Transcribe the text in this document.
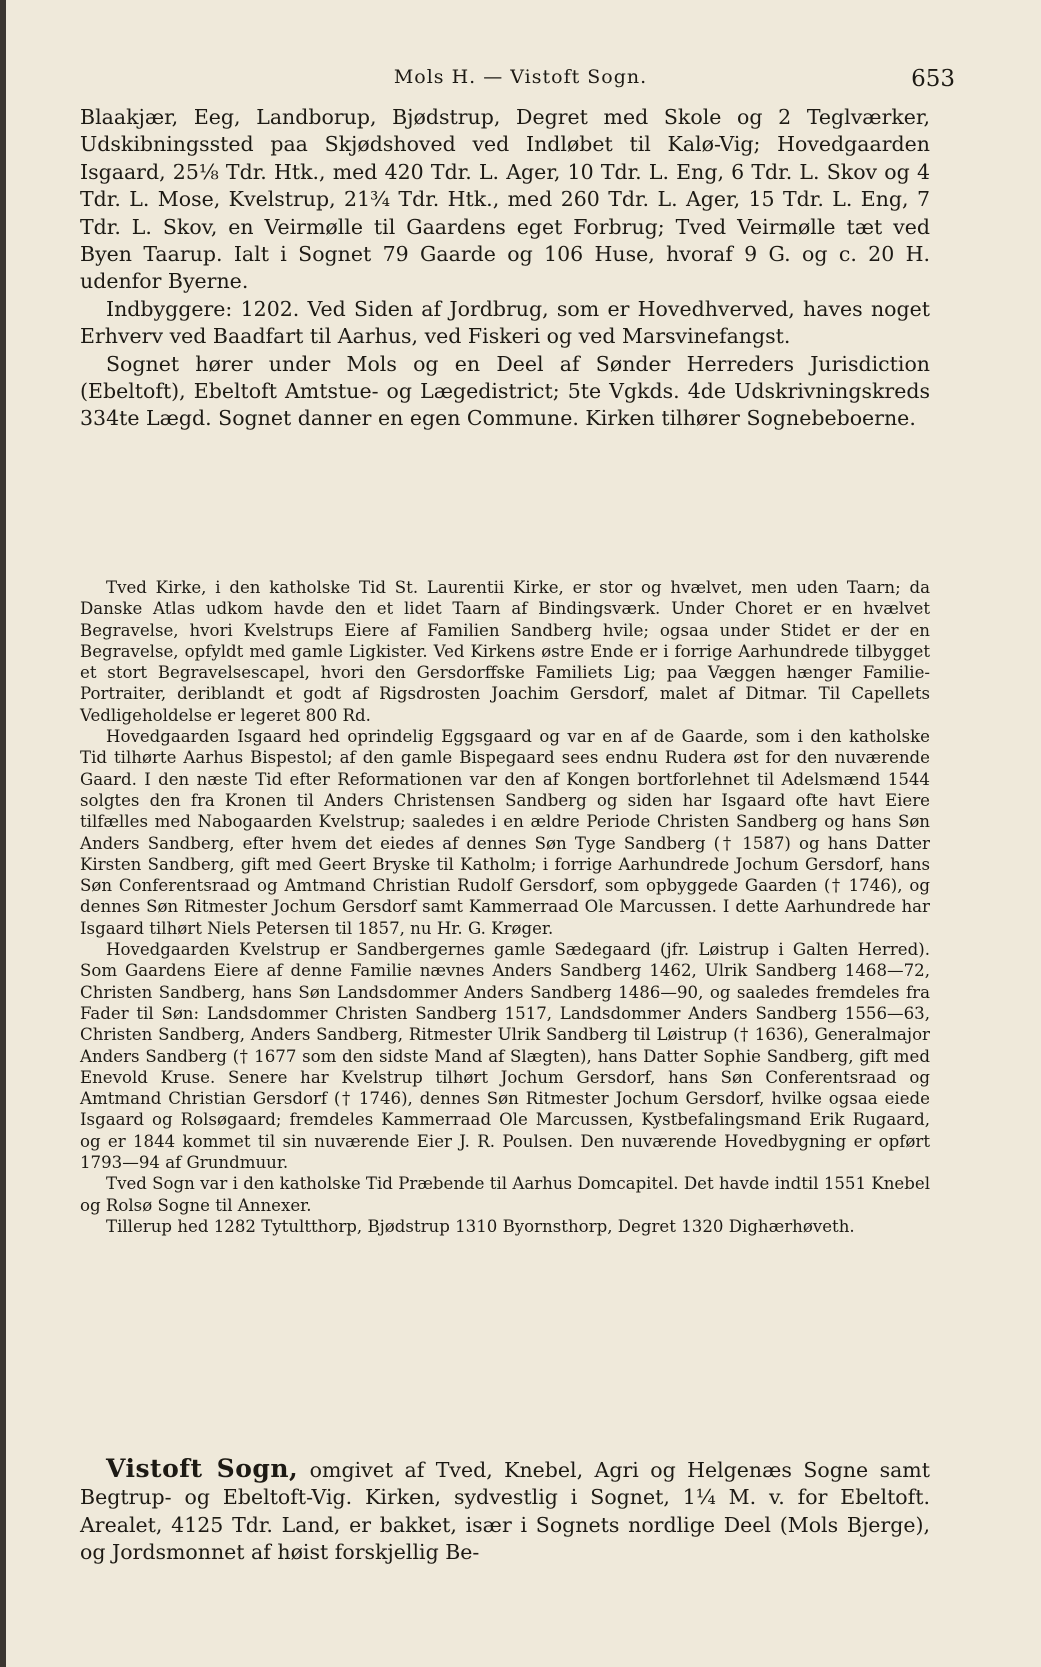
Mols H. — Vistoft Sogn.	653

Blaakjær, Eeg, Landborup, Bjødstrup, Degret med Skole og 2 Teglværker, Udskibningssted paa Skjødshoved ved Indløbet til Kalø-Vig; Hovedgaarden Isgaard, 25⅛ Tdr. Htk., med 420 Tdr. L. Ager, 10 Tdr. L. Eng, 6 Tdr. L. Skov og 4 Tdr. L. Mose, Kvelstrup, 21¾ Tdr. Htk., med 260 Tdr. L. Ager, 15 Tdr. L. Eng, 7 Tdr. L. Skov, en Veirmølle til Gaardens eget Forbrug; Tved Veirmølle tæt ved Byen Taarup. Ialt i Sognet 79 Gaarde og 106 Huse, hvoraf 9 G. og c. 20 H. udenfor Byerne.

Indbyggere: 1202. Ved Siden af Jordbrug, som er Hovedhverved, haves noget Erhverv ved Baadfart til Aarhus, ved Fiskeri og ved Marsvinefangst.

Sognet hører under Mols og en Deel af Sønder Herreders Jurisdiction (Ebeltoft), Ebeltoft Amtstue- og Lægedistrict; 5te Vgkds. 4de Udskrivningskreds 334te Lægd. Sognet danner en egen Commune. Kirken tilhører Sognebeboerne.

Tved Kirke, i den katholske Tid St. Laurentii Kirke, er stor og hvælvet, men uden Taarn; da Danske Atlas udkom havde den et lidet Taarn af Bindingsværk. Under Choret er en hvælvet Begravelse, hvori Kvelstrups Eiere af Familien Sandberg hvile; ogsaa under Stidet er der en Begravelse, opfyldt med gamle Ligkister. Ved Kirkens østre Ende er i forrige Aarhundrede tilbygget et stort Begravelsescapel, hvori den Gersdorffske Familiets Lig; paa Væggen hænger Familie-Portraiter, deriblandt et godt af Rigsdrosten Joachim Gersdorf, malet af Ditmar. Til Capellets Vedligeholdelse er legeret 800 Rd.

Hovedgaarden Isgaard hed oprindelig Eggsgaard og var en af de Gaarde, som i den katholske Tid tilhørte Aarhus Bispestol; af den gamle Bispegaard sees endnu Rudera øst for den nuværende Gaard. I den næste Tid efter Reformationen var den af Kongen bortforlehnet til Adelsmænd 1544 solgtes den fra Kronen til Anders Christensen Sandberg og siden har Isgaard ofte havt Eiere tilfælles med Nabogaarden Kvelstrup; saaledes i en ældre Periode Christen Sandberg og hans Søn Anders Sandberg, efter hvem det eiedes af dennes Søn Tyge Sandberg († 1587) og hans Datter Kirsten Sandberg, gift med Geert Bryske til Katholm; i forrige Aarhundrede Jochum Gersdorf, hans Søn Conferentsraad og Amtmand Christian Rudolf Gersdorf, som opbyggede Gaarden († 1746), og dennes Søn Ritmester Jochum Gersdorf samt Kammerraad Ole Marcussen. I dette Aarhundrede har Isgaard tilhørt Niels Petersen til 1857, nu Hr. G. Krøger.

Hovedgaarden Kvelstrup er Sandbergernes gamle Sædegaard (jfr. Løistrup i Galten Herred). Som Gaardens Eiere af denne Familie nævnes Anders Sandberg 1462, Ulrik Sandberg 1468—72, Christen Sandberg, hans Søn Landsdommer Anders Sandberg 1486—90, og saaledes fremdeles fra Fader til Søn: Landsdommer Christen Sandberg 1517, Landsdommer Anders Sandberg 1556—63, Christen Sandberg, Anders Sandberg, Ritmester Ulrik Sandberg til Løistrup († 1636), Generalmajor Anders Sandberg († 1677 som den sidste Mand af Slægten), hans Datter Sophie Sandberg, gift med Enevold Kruse. Senere har Kvelstrup tilhørt Jochum Gersdorf, hans Søn Conferentsraad og Amtmand Christian Gersdorf († 1746), dennes Søn Ritmester Jochum Gersdorf, hvilke ogsaa eiede Isgaard og Rolsøgaard; fremdeles Kammerraad Ole Marcussen, Kystbefalingsmand Erik Rugaard, og er 1844 kommet til sin nuværende Eier J. R. Poulsen. Den nuværende Hovedbygning er opført 1793—94 af Grundmuur.

Tved Sogn var i den katholske Tid Præbende til Aarhus Domcapitel. Det havde indtil 1551 Knebel og Rolsø Sogne til Annexer.

Tillerup hed 1282 Tytultthorp, Bjødstrup 1310 Byornsthorp, Degret 1320 Dighærhøveth.

Vistoft Sogn, omgivet af Tved, Knebel, Agri og Helgenæs Sogne samt Begtrup- og Ebeltoft-Vig. Kirken, sydvestlig i Sognet, 1¼ M. v. for Ebeltoft. Arealet, 4125 Tdr. Land, er bakket, især i Sognets nordlige Deel (Mols Bjerge), og Jordsmonnet af høist forskjellig Be-
